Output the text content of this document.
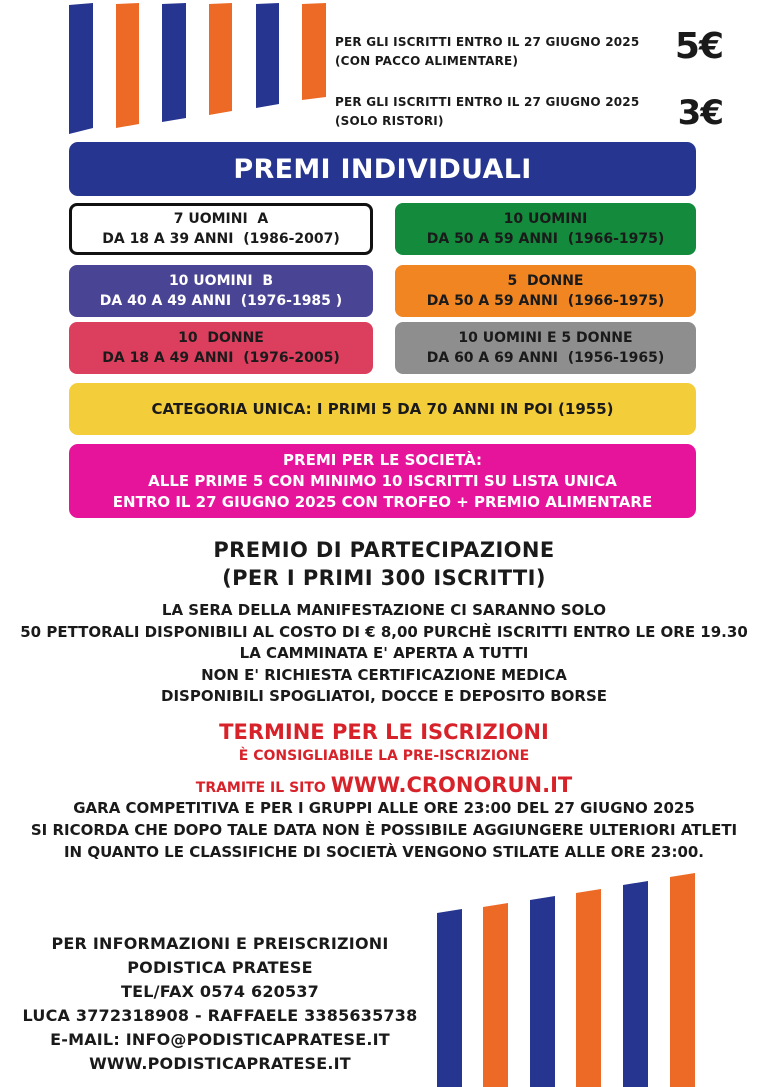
PER GLI ISCRITTI ENTRO IL 27 GIUGNO 2025
(CON PACCO ALIMENTARE)	5€
PER GLI ISCRITTI ENTRO IL 27 GIUGNO 2025
(SOLO RISTORI)	3€
PREMI INDIVIDUALI
7 UOMINI  A
DA 18 A 39 ANNI  (1986-2007)
10 UOMINI
DA 50 A 59 ANNI  (1966-1975)
10 UOMINI  B
DA 40 A 49 ANNI  (1976-1985 )
5  DONNE
DA 50 A 59 ANNI  (1966-1975)
10  DONNE
DA 18 A 49 ANNI  (1976-2005)
10 UOMINI E 5 DONNE
DA 60 A 69 ANNI  (1956-1965)
CATEGORIA UNICA: I PRIMI 5 DA 70 ANNI IN POI (1955)
PREMI PER LE SOCIETÀ:
ALLE PRIME 5 CON MINIMO 10 ISCRITTI SU LISTA UNICA
ENTRO IL 27 GIUGNO 2025 CON TROFEO + PREMIO ALIMENTARE
PREMIO DI PARTECIPAZIONE
(PER I PRIMI 300 ISCRITTI)
LA SERA DELLA MANIFESTAZIONE CI SARANNO SOLO
50 PETTORALI DISPONIBILI AL COSTO DI € 8,00 PURCHÈ ISCRITTI ENTRO LE ORE 19.30
LA CAMMINATA E' APERTA A TUTTI
NON E' RICHIESTA CERTIFICAZIONE MEDICA
DISPONIBILI SPOGLIATOI, DOCCE E DEPOSITO BORSE
TERMINE PER LE ISCRIZIONI
È CONSIGLIABILE LA PRE-ISCRIZIONE
TRAMITE IL SITO WWW.CRONORUN.IT
GARA COMPETITIVA E PER I GRUPPI ALLE ORE 23:00 DEL 27 GIUGNO 2025
SI RICORDA CHE DOPO TALE DATA NON È POSSIBILE AGGIUNGERE ULTERIORI ATLETI
IN QUANTO LE CLASSIFICHE DI SOCIETÀ VENGONO STILATE ALLE ORE 23:00.
PER INFORMAZIONI E PREISCRIZIONI
PODISTICA PRATESE
TEL/FAX 0574 620537
LUCA 3772318908 - RAFFAELE 3385635738
E-MAIL: INFO@PODISTICAPRATESE.IT
WWW.PODISTICAPRATESE.IT
